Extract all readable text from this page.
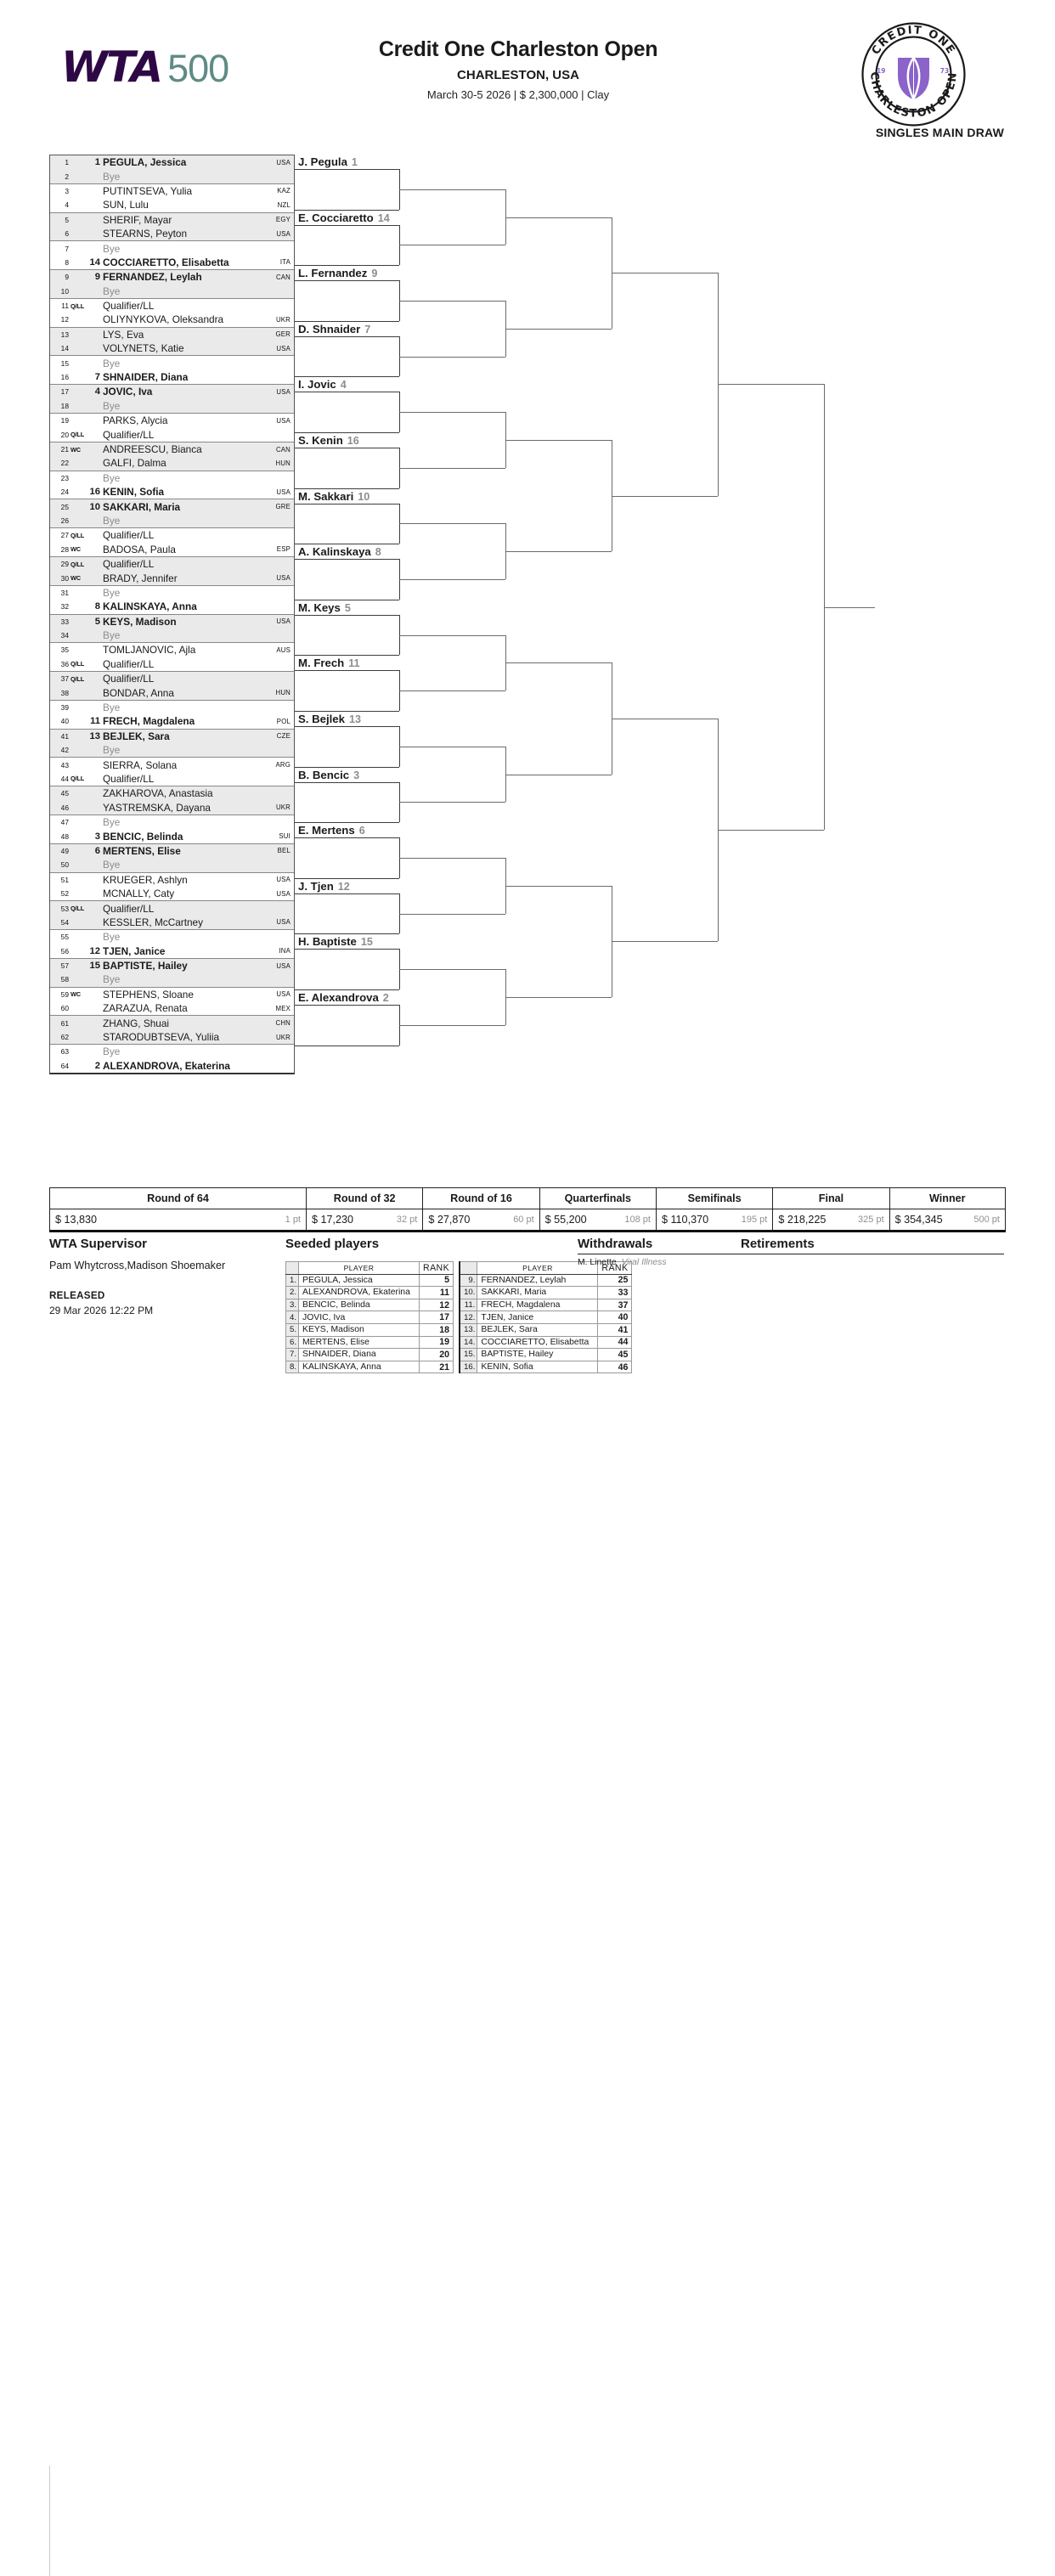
WTA 500	Credit One Charleston Open
CHARLESTON, USA
March 30-5 2026 | $ 2,300,000 | Clay
CREDIT ONE
CHARLESTON OPEN
19	73
SINGLES MAIN DRAW
1	1 PEGULA, Jessica	USA
2	Bye
3	PUTINTSEVA, Yulia	KAZ
4	SUN, Lulu	NZL
5	SHERIF, Mayar	EGY
6	STEARNS, Peyton	USA
7	Bye
8 14 COCCIARETTO, Elisabetta	ITA
9	9 FERNANDEZ, Leylah	CAN
10	Bye
11 Q/LL	Qualifier/LL
12	OLIYNYKOVA, Oleksandra	UKR
13	LYS, Eva	GER
14	VOLYNETS, Katie	USA
15	Bye
16	7 SHNAIDER, Diana
17	4 JOVIC, Iva	USA
18	Bye
19	PARKS, Alycia	USA
20 Q/LL	Qualifier/LL
21 WC	ANDREESCU, Bianca	CAN
22	GALFI, Dalma	HUN
23	Bye
24 16 KENIN, Sofia	USA
25 10 SAKKARI, Maria	GRE
26	Bye
27 Q/LL	Qualifier/LL
28 WC	BADOSA, Paula	ESP
29 Q/LL	Qualifier/LL
30 WC	BRADY, Jennifer	USA
31	Bye
32	8 KALINSKAYA, Anna
33	5 KEYS, Madison	USA
34	Bye
35	TOMLJANOVIC, Ajla	AUS
36 Q/LL	Qualifier/LL
37 Q/LL	Qualifier/LL
38	BONDAR, Anna	HUN
39	Bye
40 11 FRECH, Magdalena	POL
41 13 BEJLEK, Sara	CZE
42	Bye
43	SIERRA, Solana	ARG
44 Q/LL	Qualifier/LL
45	ZAKHAROVA, Anastasia
46	YASTREMSKA, Dayana	UKR
47	Bye
48	3 BENCIC, Belinda	SUI
49	6 MERTENS, Elise	BEL
50	Bye
51	KRUEGER, Ashlyn	USA
52	MCNALLY, Caty	USA
53 Q/LL	Qualifier/LL
54	KESSLER, McCartney	USA
55	Bye
56 12 TJEN, Janice	INA
57 15 BAPTISTE, Hailey	USA
58	Bye
59 WC	STEPHENS, Sloane	USA
60	ZARAZUA, Renata	MEX
61	ZHANG, Shuai	CHN
62	STARODUBTSEVA, Yuliia	UKR
63	Bye
64	2 ALEXANDROVA, Ekaterina
J. Pegula 1
E. Cocciaretto 14
L. Fernandez 9
D. Shnaider 7
I. Jovic 4
S. Kenin 16
M. Sakkari 10
A. Kalinskaya 8
M. Keys 5
M. Frech 11
S. Bejlek 13
B. Bencic 3
E. Mertens 6
J. Tjen 12
H. Baptiste 15
E. Alexandrova 2
Round of 64	Round of 32	Round of 16	Quarterfinals	Semifinals	Final	Winner
$ 13,830	1 pt $ 17,230	32 pt $ 27,870	60 pt $ 55,200	108 pt $ 110,370	195 pt $ 218,225	325 pt $ 354,345	500 pt
WTA Supervisor
Pam Whytcross,Madison Shoemaker
RELEASED
29 Mar 2026 12:22 PM
Seeded players
	PLAYER	RANK
1.	PEGULA, Jessica	5
2.	ALEXANDROVA, Ekaterina	11
3.	BENCIC, Belinda	12
4.	JOVIC, Iva	17
5.	KEYS, Madison	18
6.	MERTENS, Elise	19
7.	SHNAIDER, Diana	20
8.	KALINSKAYA, Anna	21
	PLAYER	RANK
9.	FERNANDEZ, Leylah	25
10.	SAKKARI, Maria	33
11.	FRECH, Magdalena	37
12.	TJEN, Janice	40
13.	BEJLEK, Sara	41
14.	COCCIARETTO, Elisabetta	44
15.	BAPTISTE, Hailey	45
16.	KENIN, Sofia	46
Withdrawals
M. Linette Viral Illness
Retirements
